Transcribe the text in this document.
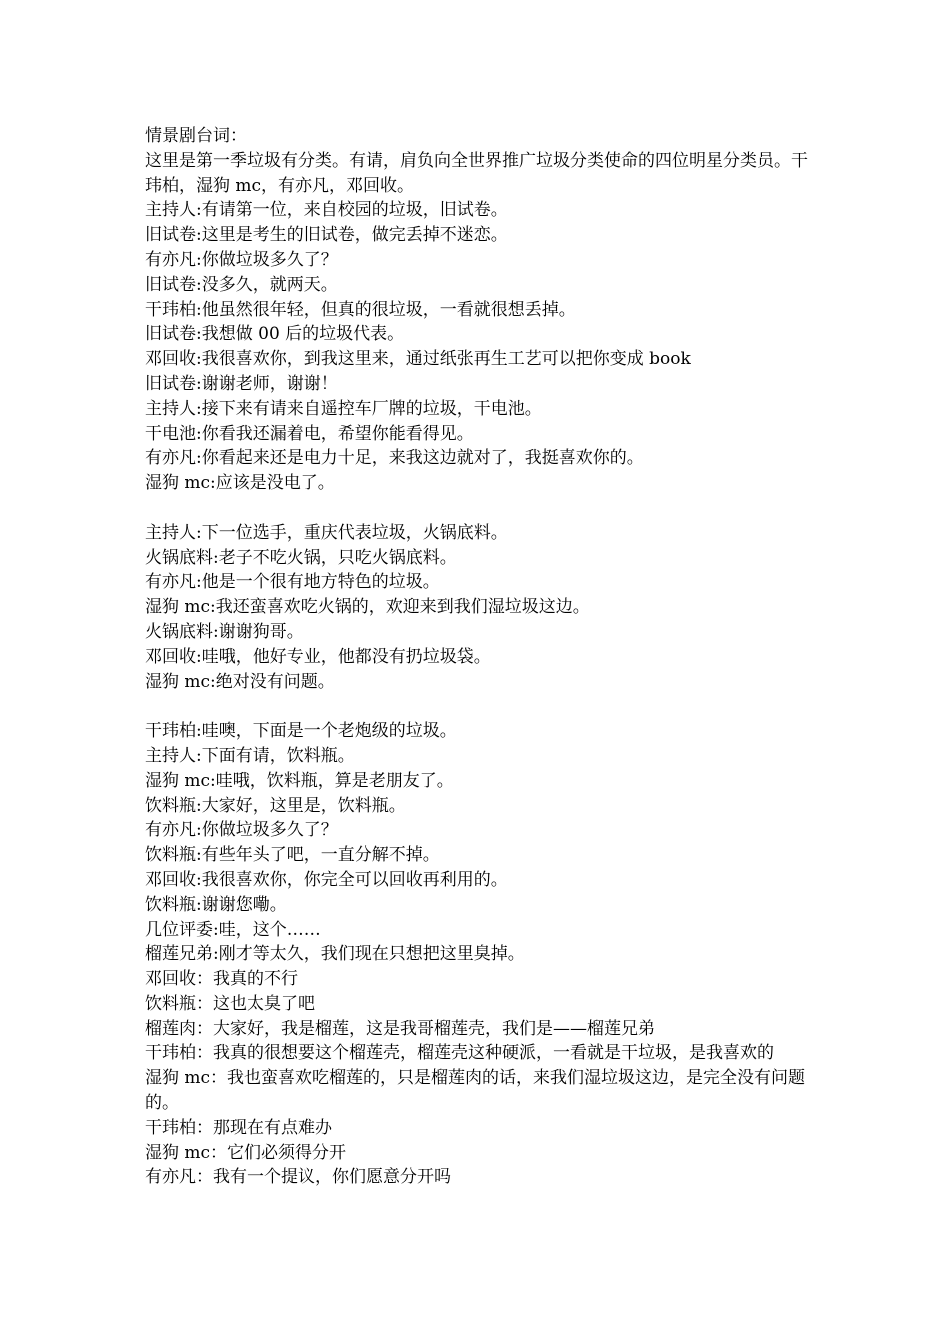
情景剧台词：
这里是第一季垃圾有分类。有请，肩负向全世界推广垃圾分类使命的四位明星分类员。干玮柏，湿狗 mc，有亦凡，邓回收。
主持人:有请第一位，来自校园的垃圾，旧试卷。
旧试卷:这里是考生的旧试卷，做完丢掉不迷恋。
有亦凡:你做垃圾多久了？
旧试卷:没多久，就两天。
干玮柏:他虽然很年轻，但真的很垃圾，一看就很想丢掉。
旧试卷:我想做 00 后的垃圾代表。
邓回收:我很喜欢你，到我这里来，通过纸张再生工艺可以把你变成 book
旧试卷:谢谢老师，谢谢！
主持人:接下来有请来自遥控车厂牌的垃圾，干电池。
干电池:你看我还漏着电，希望你能看得见。
有亦凡:你看起来还是电力十足，来我这边就对了，我挺喜欢你的。
湿狗 mc:应该是没电了。
主持人:下一位选手，重庆代表垃圾，火锅底料。
火锅底料:老子不吃火锅，只吃火锅底料。
有亦凡:他是一个很有地方特色的垃圾。
湿狗 mc:我还蛮喜欢吃火锅的，欢迎来到我们湿垃圾这边。
火锅底料:谢谢狗哥。
邓回收:哇哦，他好专业，他都没有扔垃圾袋。
湿狗 mc:绝对没有问题。
干玮柏:哇噢，下面是一个老炮级的垃圾。
主持人:下面有请，饮料瓶。
湿狗 mc:哇哦，饮料瓶，算是老朋友了。
饮料瓶:大家好，这里是，饮料瓶。
有亦凡:你做垃圾多久了？
饮料瓶:有些年头了吧，一直分解不掉。
邓回收:我很喜欢你，你完全可以回收再利用的。
饮料瓶:谢谢您嘞。
几位评委:哇，这个……
榴莲兄弟:刚才等太久，我们现在只想把这里臭掉。
邓回收：我真的不行
饮料瓶：这也太臭了吧
榴莲肉：大家好，我是榴莲，这是我哥榴莲壳，我们是——榴莲兄弟
干玮柏：我真的很想要这个榴莲壳，榴莲壳这种硬派，一看就是干垃圾，是我喜欢的
湿狗 mc：我也蛮喜欢吃榴莲的，只是榴莲肉的话，来我们湿垃圾这边，是完全没有问题的。
干玮柏：那现在有点难办
湿狗 mc：它们必须得分开
有亦凡：我有一个提议，你们愿意分开吗
